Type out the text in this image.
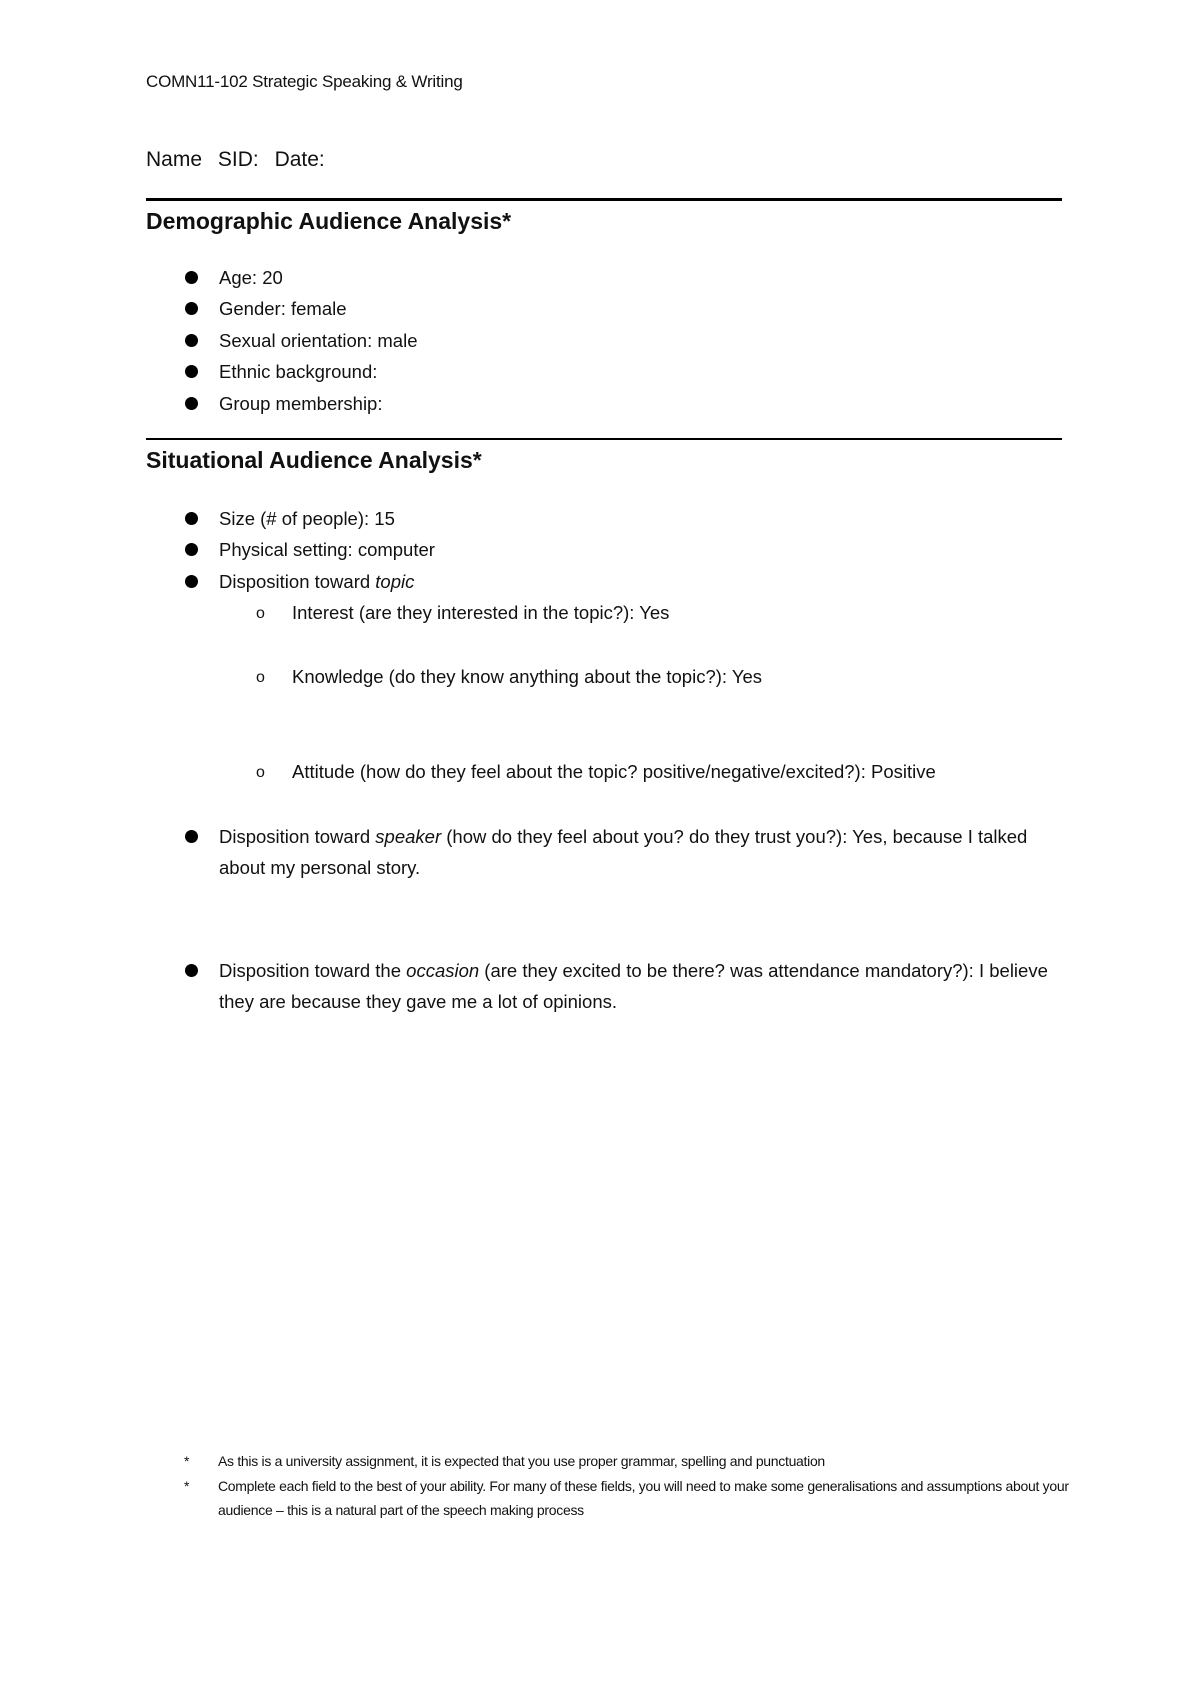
COMN11-102 Strategic Speaking & Writing
Name SID: Date:
Demographic Audience Analysis*
Age: 20
Gender: female
Sexual orientation: male
Ethnic background:
Group membership:
Situational Audience Analysis*
Size (# of people): 15
Physical setting: computer
Disposition toward topic
o Interest (are they interested in the topic?): Yes
o Knowledge (do they know anything about the topic?): Yes
o Attitude (how do they feel about the topic? positive/negative/excited?): Positive
Disposition toward speaker (how do they feel about you? do they trust you?): Yes, because I talked about my personal story.
Disposition toward the occasion (are they excited to be there? was attendance mandatory?): I believe they are because they gave me a lot of opinions.
* As this is a university assignment, it is expected that you use proper grammar, spelling and punctuation
* Complete each field to the best of your ability. For many of these fields, you will need to make some generalisations and assumptions about your audience – this is a natural part of the speech making process
